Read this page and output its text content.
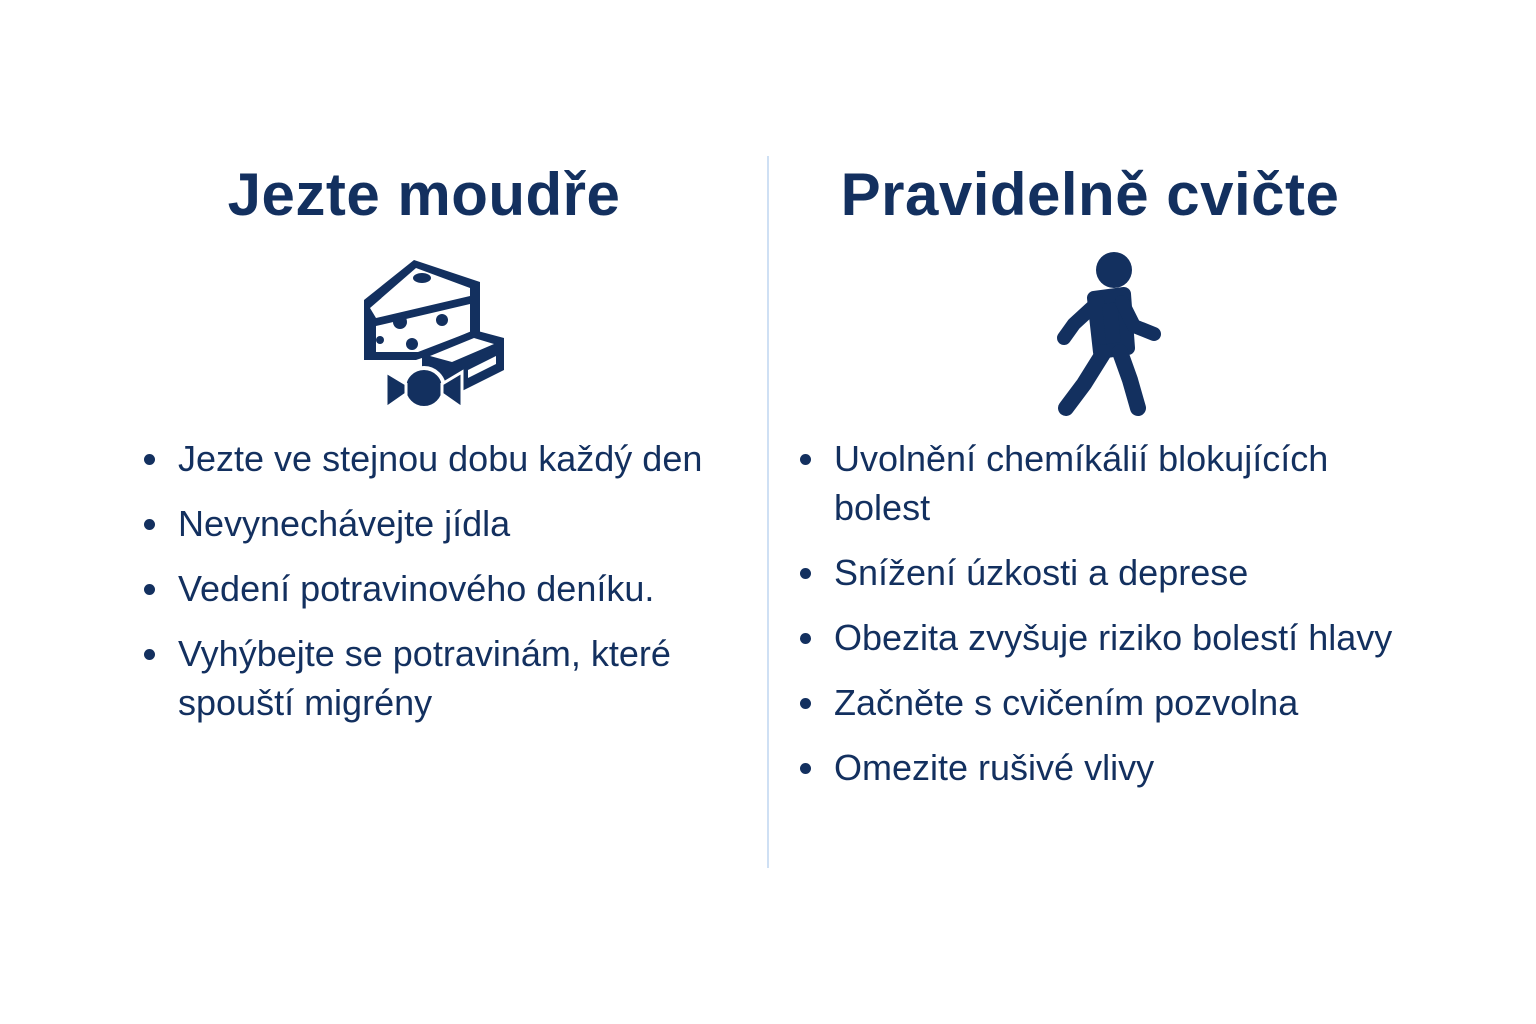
Jezte moudře	Pravidelně cvičte
Jezte ve stejnou dobu každý den
Nevynechávejte jídla
Vedení potravinového deníku.
Vyhýbejte se potravinám, které spouští migrény
Uvolnění chemíkálií blokujících bolest
Snížení úzkosti a deprese
Obezita zvyšuje riziko bolestí hlavy
Začněte s cvičením pozvolna
Omezite rušivé vlivy
